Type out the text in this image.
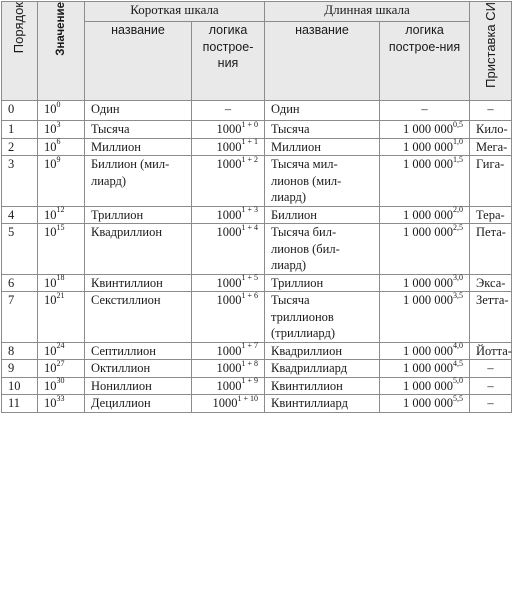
Порядок	Значение	Короткая шкала		Длинная шкала		Приставка СИ
		название	логика построе-ния	название	логика построе-ния	
0	$10^0$	Один	–	Один	–	–
1	$10^3$	Тысяча	$1000^{1 + 0}$	Тысяча	1 000 000$^{0,5}$	Кило-
2	$10^6$	Миллион	$1000^{1 + 1}$	Миллион	1 000 000$^{1,0}$	Мега-
3	$10^9$	Биллион (мил-лиард)	$1000^{1 + 2}$	Тысяча мил-лионов (мил-лиард)	1 000 000$^{1,5}$	Гига-
4	$10^{12}$	Триллион	$1000^{1 + 3}$	Биллион	1 000 000$^{2,0}$	Тера-
5	$10^{15}$	Квадриллион	$1000^{1 + 4}$	Тысяча бил-лионов (бил-лиард)	1 000 000$^{2,5}$	Пета-
6	$10^{18}$	Квинтиллион	$1000^{1 + 5}$	Триллион	1 000 000$^{3,0}$	Экса-
7	$10^{21}$	Секстиллион	$1000^{1 + 6}$	Тысяча триллионов (триллиард)	1 000 000$^{3,5}$	Зетта-
8	$10^{24}$	Септиллион	$1000^{1 + 7}$	Квадриллион	1 000 000$^{4,0}$	Йотта-
9	$10^{27}$	Октиллион	$1000^{1 + 8}$	Квадриллиард	1 000 000$^{4,5}$	–
10	$10^{30}$	Нониллион	$1000^{1 + 9}$	Квинтиллион	1 000 000$^{5,0}$	–
11	$10^{33}$	Дециллион	$1000^{1 + 10}$	Квинтиллиард	1 000 000$^{5,5}$	–
